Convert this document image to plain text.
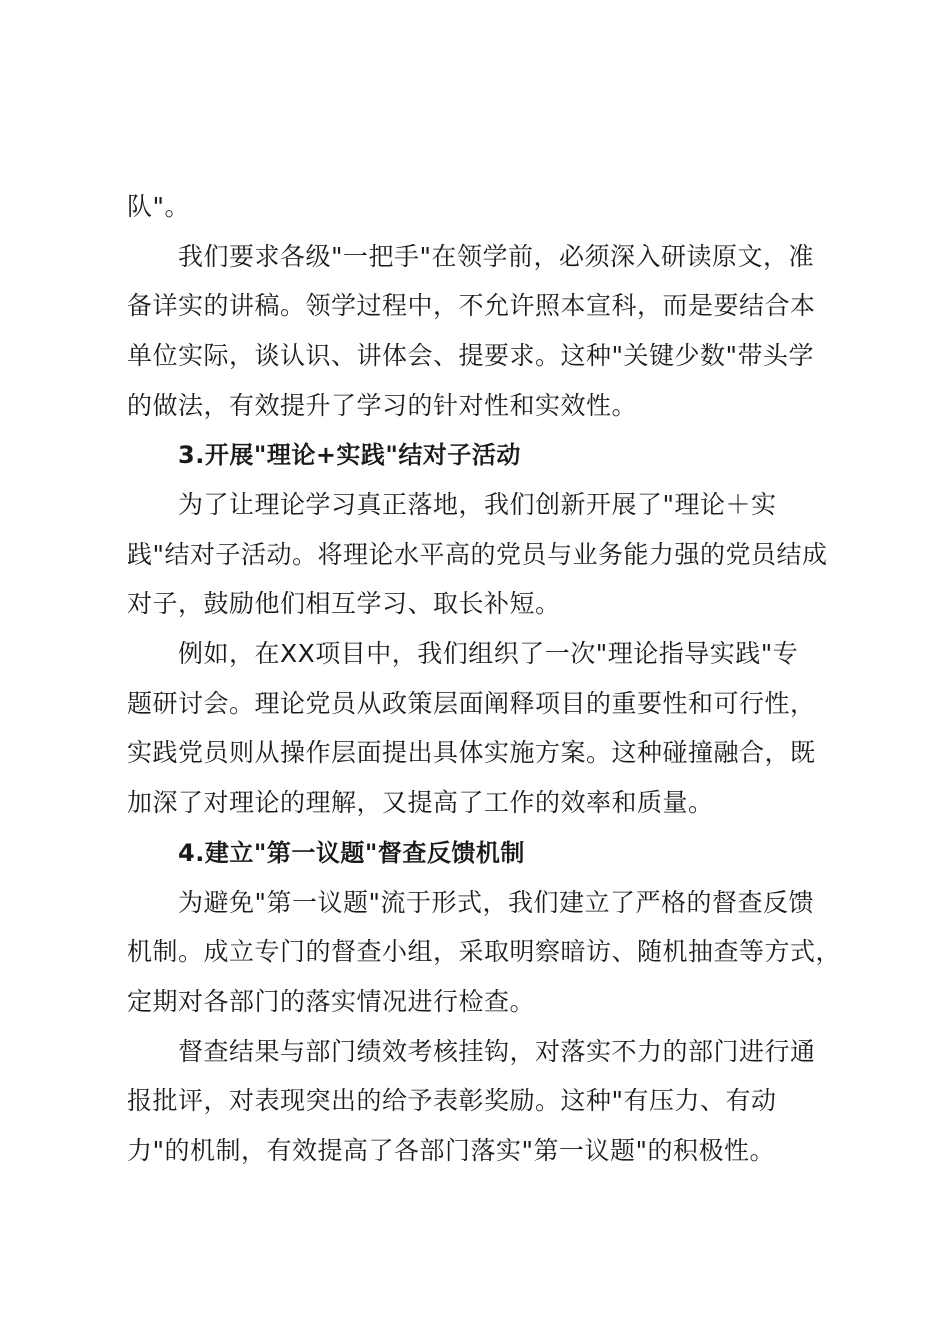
队"。
我们要求各级"一把手"在领学前，必须深入研读原文，准
备详实的讲稿。领学过程中，不允许照本宣科，而是要结合本
单位实际，谈认识、讲体会、提要求。这种"关键少数"带头学
的做法，有效提升了学习的针对性和实效性。
3.开展"理论+实践"结对子活动
为了让理论学习真正落地，我们创新开展了"理论＋实
践"结对子活动。将理论水平高的党员与业务能力强的党员结成
对子，鼓励他们相互学习、取长补短。
例如，在XX项目中，我们组织了一次"理论指导实践"专
题研讨会。理论党员从政策层面阐释项目的重要性和可行性，
实践党员则从操作层面提出具体实施方案。这种碰撞融合，既
加深了对理论的理解，又提高了工作的效率和质量。
4.建立"第一议题"督查反馈机制
为避免"第一议题"流于形式，我们建立了严格的督查反馈
机制。成立专门的督查小组，采取明察暗访、随机抽查等方式，
定期对各部门的落实情况进行检查。
督查结果与部门绩效考核挂钩，对落实不力的部门进行通
报批评，对表现突出的给予表彰奖励。这种"有压力、有动
力"的机制，有效提高了各部门落实"第一议题"的积极性。
